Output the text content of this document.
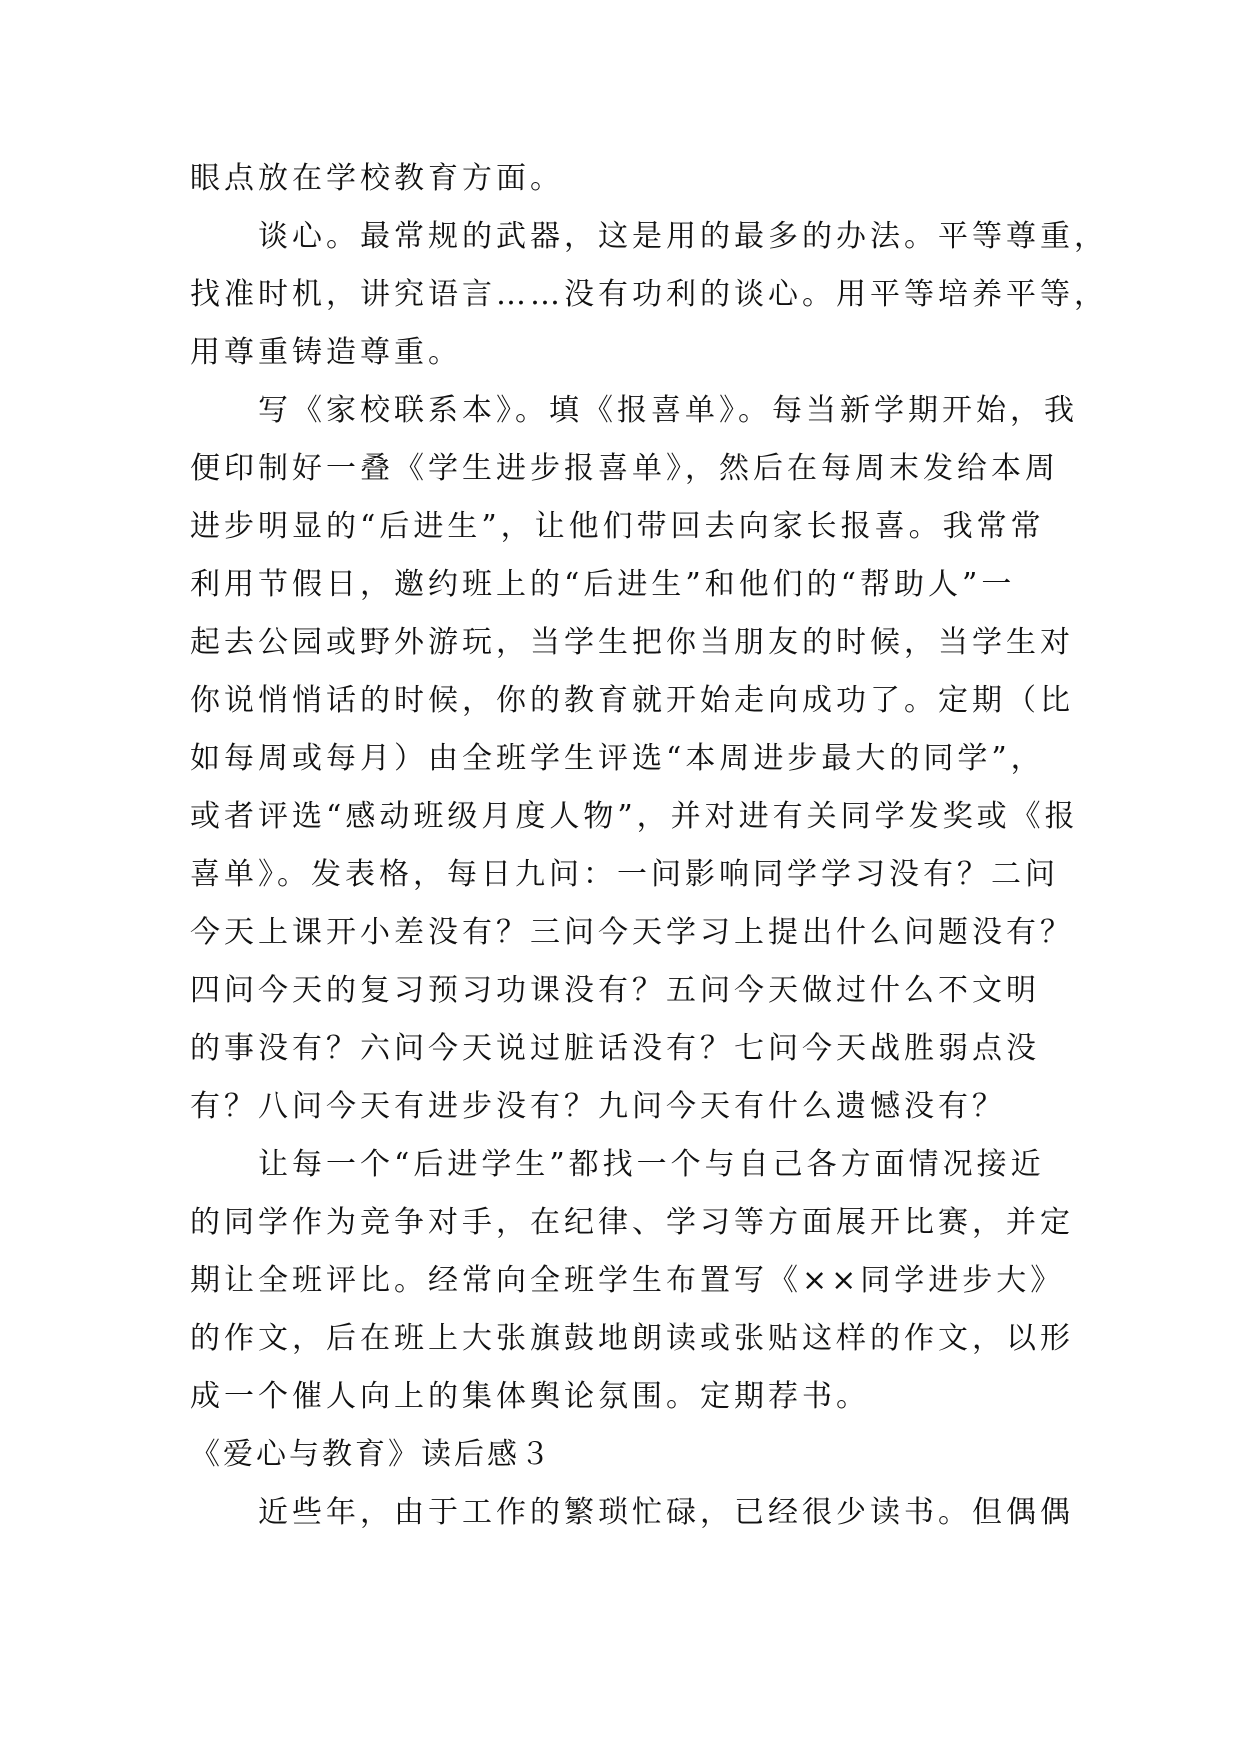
眼点放在学校教育方面。
　　谈心。最常规的武器，这是用的最多的办法。平等尊重，
找准时机，讲究语言……没有功利的谈心。用平等培养平等，
用尊重铸造尊重。
　　写《家校联系本》。填《报喜单》。每当新学期开始，我
便印制好一叠《学生进步报喜单》，然后在每周末发给本周
进步明显的“后进生”，让他们带回去向家长报喜。我常常
利用节假日，邀约班上的“后进生”和他们的“帮助人”一
起去公园或野外游玩，当学生把你当朋友的时候，当学生对
你说悄悄话的时候，你的教育就开始走向成功了。定期（比
如每周或每月）由全班学生评选“本周进步最大的同学”，
或者评选“感动班级月度人物”，并对进有关同学发奖或《报
喜单》。发表格，每日九问：一问影响同学学习没有？二问
今天上课开小差没有？三问今天学习上提出什么问题没有？
四问今天的复习预习功课没有？五问今天做过什么不文明
的事没有？六问今天说过脏话没有？七问今天战胜弱点没
有？八问今天有进步没有？九问今天有什么遗憾没有？
　　让每一个“后进学生”都找一个与自己各方面情况接近
的同学作为竞争对手，在纪律、学习等方面展开比赛，并定
期让全班评比。经常向全班学生布置写《××同学进步大》
的作文，后在班上大张旗鼓地朗读或张贴这样的作文，以形
成一个催人向上的集体舆论氛围。定期荐书。
《爱心与教育》读后感３
　　近些年，由于工作的繁琐忙碌，已经很少读书。但偶偶
